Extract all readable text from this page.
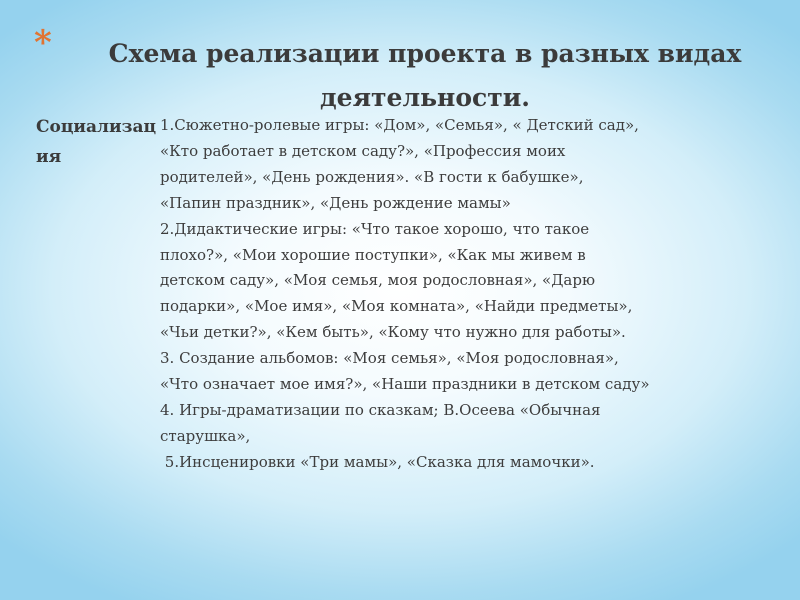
*	Схема реализации проекта в разных видах деятельности.
Социализация

1.Сюжетно-ролевые игры: «Дом», «Семья», « Детский сад»,

«Кто работает в детском саду?», «Профессия моих

родителей», «День рождения». «В гости к бабушке»,

«Папин праздник», «День рождение мамы»

2.Дидактические игры: «Что такое хорошо, что такое

плохо?», «Мои хорошие поступки», «Как мы живем в

детском саду», «Моя семья, моя родословная», «Дарю

подарки», «Мое имя», «Моя комната», «Найди предметы»,

«Чьи детки?», «Кем быть», «Кому что нужно для работы».

3. Создание альбомов: «Моя семья», «Моя родословная»,

«Что означает мое имя?», «Наши праздники в детском саду»

4. Игры-драматизации по сказкам; В.Осеева «Обычная

старушка»,

5.Инсценировки «Три мамы», «Сказка для мамочки».
